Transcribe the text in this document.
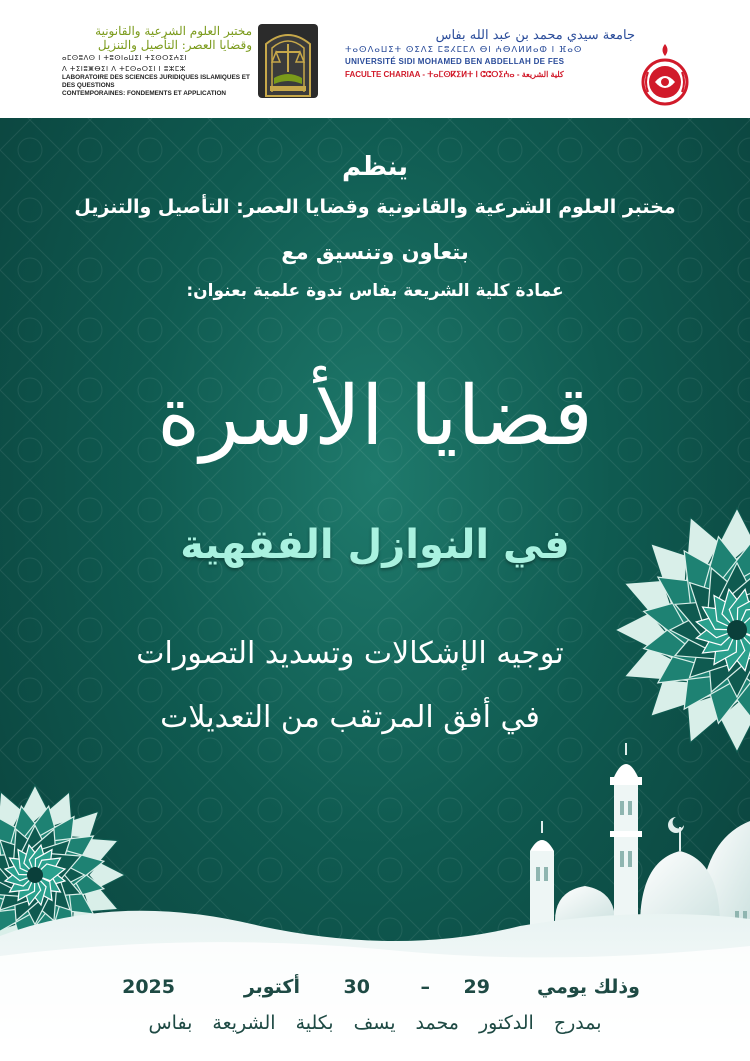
مختبر العلوم الشرعية والقانونية
وقضايا العصر: التأصيل والتنزيل
ⴰⵎⵙⵓⴷⵙ ⵏ ⵜⵓⵙⵏⴰⵡⵉⵏ ⵜⵉⵙⵔⵉⵄⵉⵏ
ⴷ ⵜⵉⵏⵓⵥⴱⵉⵏ ⴷ ⵜⵎⵙⴰⵔⵉⵏ ⵏ ⵓⵣⵎⵣ
LABORATOIRE DES SCIENCES JURIDIQUES ISLAMIQUES ET DES QUESTIONS
CONTEMPORAINES: FONDEMENTS ET APPLICATION
جامعة سيدي محمد بن عبد الله بفاس
ⵜⴰⵙⴷⴰⵡⵉⵜ ⵙⵉⴷⵉ ⵎⵓⵃⵎⵎⴷ ⴱⵏ ⵄⴱⴷⵍⵍⴰⵀ ⵏ ⴼⴰⵙ
UNIVERSITÉ SIDI MOHAMED BEN ABDELLAH DE FES
FACULTE CHARIAA - ⵜⴰⵎⵙⴽⵉⵍⵜ ⵏ ⵛⵛⵔⵉⵄⴰ - كلية الشريعة
ينظم
مختبر العلوم الشرعية والقانونية وقضايا العصر: التأصيل والتنزيل
بتعاون وتنسيق مع
عمادة كلية الشريعة بفاس ندوة علمية بعنوان:
قضايا الأسرة
في النوازل الفقهية
توجيه الإشكالات وتسديد التصورات
في أفق المرتقب من التعديلات
وذلك يومي
29
–
30
أكتوبر
2025
بمدرج الدكتور محمد يسف بكلية الشريعة بفاس
